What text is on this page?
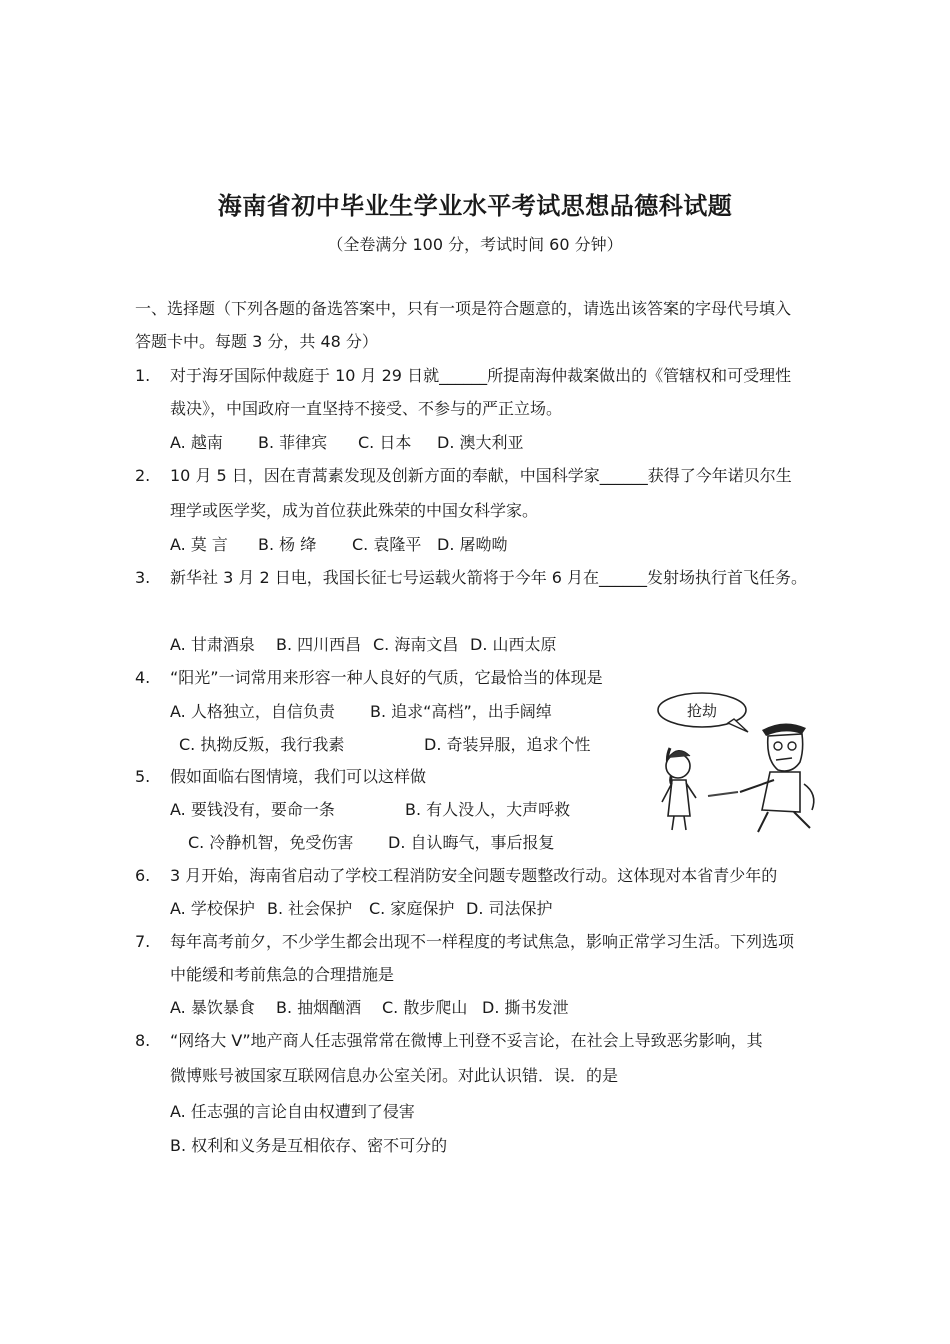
海南省初中毕业生学业水平考试思想品德科试题
（全卷满分 100 分，考试时间 60 分钟）
一、选择题（下列各题的备选答案中，只有一项是符合题意的，请选出该答案的字母代号填入
答题卡中。每题 3 分，共 48 分）
1. 对于海牙国际仲裁庭于 10 月 29 日就______所提南海仲裁案做出的《管辖权和可受理性
裁决》，中国政府一直坚持不接受、不参与的严正立场。
A. 越南 B. 菲律宾 C. 日本 D. 澳大利亚
2. 10 月 5 日，因在青蒿素发现及创新方面的奉献，中国科学家______获得了今年诺贝尔生
理学或医学奖，成为首位获此殊荣的中国女科学家。
A. 莫 言 B. 杨 绛 C. 袁隆平 D. 屠呦呦
3. 新华社 3 月 2 日电，我国长征七号运载火箭将于今年 6 月在______发射场执行首飞任务。
A. 甘肃酒泉 B. 四川西昌 C. 海南文昌 D. 山西太原
4. “阳光”一词常用来形容一种人良好的气质，它最恰当的体现是
A. 人格独立，自信负责 B. 追求“高档”，出手阔绰
C. 执拗反叛，我行我素	D. 奇装异服，追求个性
5. 假如面临右图情境，我们可以这样做
A. 要钱没有，要命一条	B. 有人没人，大声呼救
C. 冷静机智，免受伤害 D. 自认晦气，事后报复
6. 3 月开始，海南省启动了学校工程消防安全问题专题整改行动。这体现对本省青少年的
A. 学校保护 B. 社会保护 C. 家庭保护 D. 司法保护
7. 每年高考前夕，不少学生都会出现不一样程度的考试焦急，影响正常学习生活。下列选项
中能缓和考前焦急的合理措施是
A. 暴饮暴食 B. 抽烟酗酒 C. 散步爬山 D. 撕书发泄
8. “网络大 V”地产商人任志强常常在微博上刊登不妥言论，在社会上导致恶劣影响，其
微博账号被国家互联网信息办公室关闭。对此认识错．误．的是
A. 任志强的言论自由权遭到了侵害
B. 权利和义务是互相依存、密不可分的
抢劫
